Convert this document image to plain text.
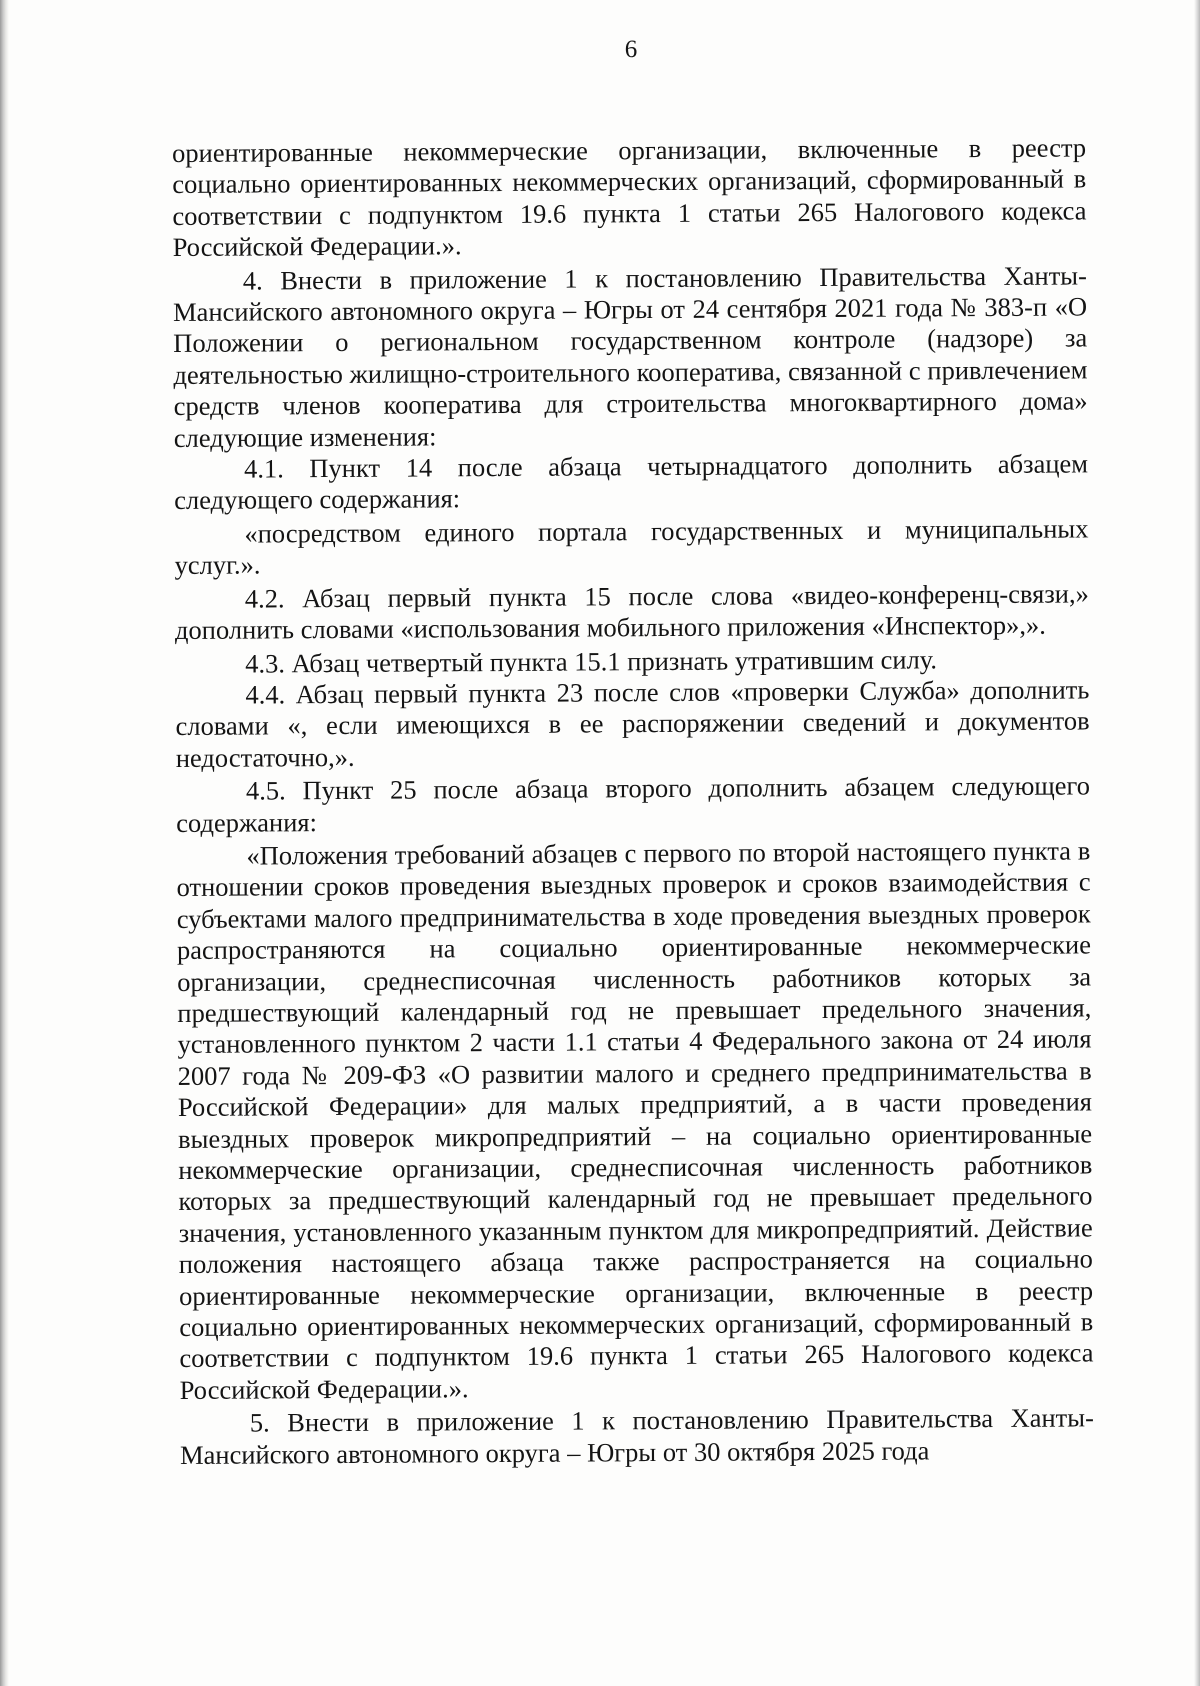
6

ориентированные некоммерческие организации, включенные в реестр социально ориентированных некоммерческих организаций, сформированный в соответствии с подпунктом 19.6 пункта 1 статьи 265 Налогового кодекса Российской Федерации.».

4. Внести в приложение 1 к постановлению Правительства Ханты-Мансийского автономного округа – Югры от 24 сентября 2021 года № 383-п «О Положении о региональном государственном контроле (надзоре) за деятельностью жилищно-строительного кооператива, связанной с привлечением средств членов кооператива для строительства многоквартирного дома» следующие изменения:

4.1. Пункт 14 после абзаца четырнадцатого дополнить абзацем следующего содержания:

«посредством единого портала государственных и муниципальных услуг.».

4.2. Абзац первый пункта 15 после слова «видео-конференц-связи,» дополнить словами «использования мобильного приложения «Инспектор»,».

4.3. Абзац четвертый пункта 15.1 признать утратившим силу.

4.4. Абзац первый пункта 23 после слов «проверки Служба» дополнить словами «, если имеющихся в ее распоряжении сведений и документов недостаточно,».

4.5. Пункт 25 после абзаца второго дополнить абзацем следующего содержания:

«Положения требований абзацев с первого по второй настоящего пункта в отношении сроков проведения выездных проверок и сроков взаимодействия с субъектами малого предпринимательства в ходе проведения выездных проверок распространяются на социально ориентированные некоммерческие организации, среднесписочная численность работников которых за предшествующий календарный год не превышает предельного значения, установленного пунктом 2 части 1.1 статьи 4 Федерального закона от 24 июля 2007 года № 209-ФЗ «О развитии малого и среднего предпринимательства в Российской Федерации» для малых предприятий, а в части проведения выездных проверок микропредприятий – на социально ориентированные некоммерческие организации, среднесписочная численность работников которых за предшествующий календарный год не превышает предельного значения, установленного указанным пунктом для микропредприятий. Действие положения настоящего абзаца также распространяется на социально ориентированные некоммерческие организации, включенные в реестр социально ориентированных некоммерческих организаций, сформированный в соответствии с подпунктом 19.6 пункта 1 статьи 265 Налогового кодекса Российской Федерации.».

5. Внести в приложение 1 к постановлению Правительства Ханты-Мансийского автономного округа – Югры от 30 октября 2025 года
